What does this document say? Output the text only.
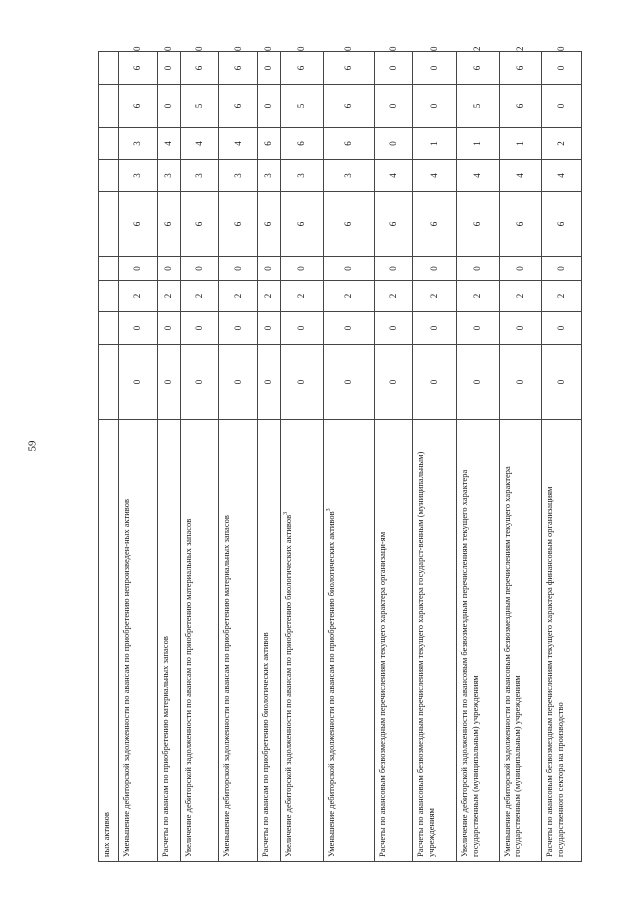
59
ных активов										
Уменьшение дебиторской задолженности по авансам по приобретению непроизведен-ных активов	0	0	2	0	6	3	3	6	6	0
Расчеты по авансам по приобретению материальных запасов	0	0	2	0	6	3	4	0	0	0
Увеличение дебиторской задолженности по авансам по приобретению материальных запасов	0	0	2	0	6	3	4	5	6	0
Уменьшение дебиторской задолженности по авансам по приобретению материальных запасов	0	0	2	0	6	3	4	6	6	0
Расчеты по авансам по приобретению биологических активов	0	0	2	0	6	3	6	0	0	0
Увеличение дебиторской задолженности по авансам по приобретению биологических активов$^3$	0	0	2	0	6	3	6	5	6	0
Уменьшение дебиторской задолженности по авансам по приобретению биологических активов$^3$	0	0	2	0	6	3	6	6	6	0
Расчеты по авансовым безвозмездным перечислениям текущего характера организаци-ям	0	0	2	0	6	4	0	0	0	0
Расчеты по авансовым безвозмездным перечислениям текущего характера государст-венным (муниципальным) учреждениям	0	0	2	0	6	4	1	0	0	0
Увеличение дебиторской задолженности по авансовым безвозмездным перечислениям текущего характера государственным (муниципальным) учреждениям	0	0	2	0	6	4	1	5	6	2
Уменьшение дебиторской задолженности по авансовым безвозмездным перечислениям текущего характера государственным (муниципальным) учреждениям	0	0	2	0	6	4	1	6	6	2
Расчеты по авансовым безвозмездным перечислениям текущего характера финансовым организациям государственного сектора на производство	0	0	2	0	6	4	2	0	0	0
